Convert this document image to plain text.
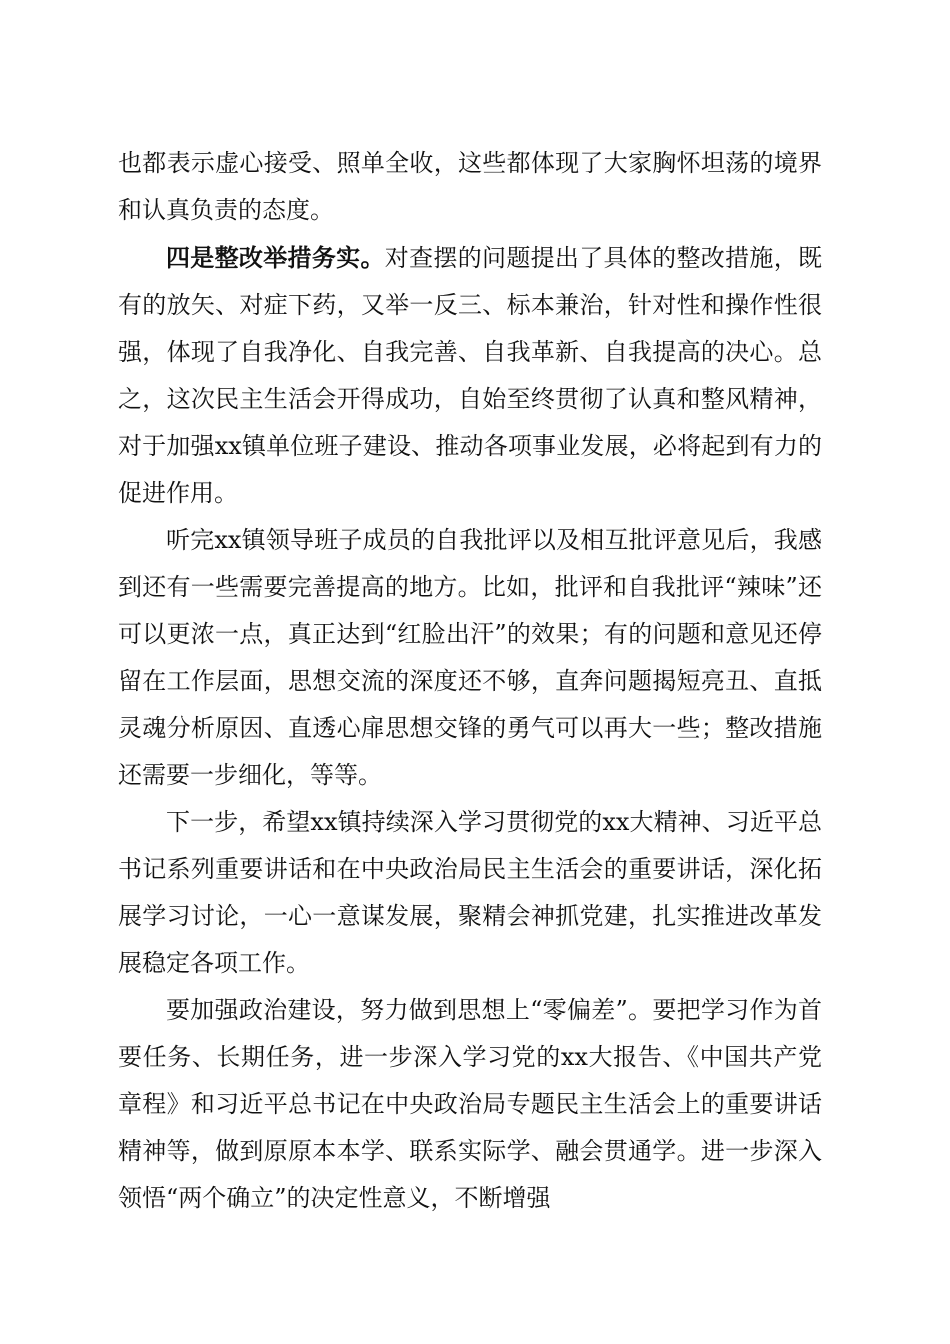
也都表示虚心接受、照单全收，这些都体现了大家胸怀坦荡的境界和认真负责的态度。

四是整改举措务实。对查摆的问题提出了具体的整改措施，既有的放矢、对症下药，又举一反三、标本兼治，针对性和操作性很强，体现了自我净化、自我完善、自我革新、自我提高的决心。总之，这次民主生活会开得成功，自始至终贯彻了认真和整风精神，对于加强xx镇单位班子建设、推动各项事业发展，必将起到有力的促进作用。

听完xx镇领导班子成员的自我批评以及相互批评意见后，我感到还有一些需要完善提高的地方。比如，批评和自我批评“辣味”还可以更浓一点，真正达到“红脸出汗”的效果；有的问题和意见还停留在工作层面，思想交流的深度还不够，直奔问题揭短亮丑、直抵灵魂分析原因、直透心扉思想交锋的勇气可以再大一些；整改措施还需要一步细化，等等。

下一步，希望xx镇持续深入学习贯彻党的xx大精神、习近平总书记系列重要讲话和在中央政治局民主生活会的重要讲话，深化拓展学习讨论，一心一意谋发展，聚精会神抓党建，扎实推进改革发展稳定各项工作。

要加强政治建设，努力做到思想上“零偏差”。要把学习作为首要任务、长期任务，进一步深入学习党的xx大报告、《中国共产党章程》和习近平总书记在中央政治局专题民主生活会上的重要讲话精神等，做到原原本本学、联系实际学、融会贯通学。进一步深入领悟“两个确立”的决定性意义，不断增强
